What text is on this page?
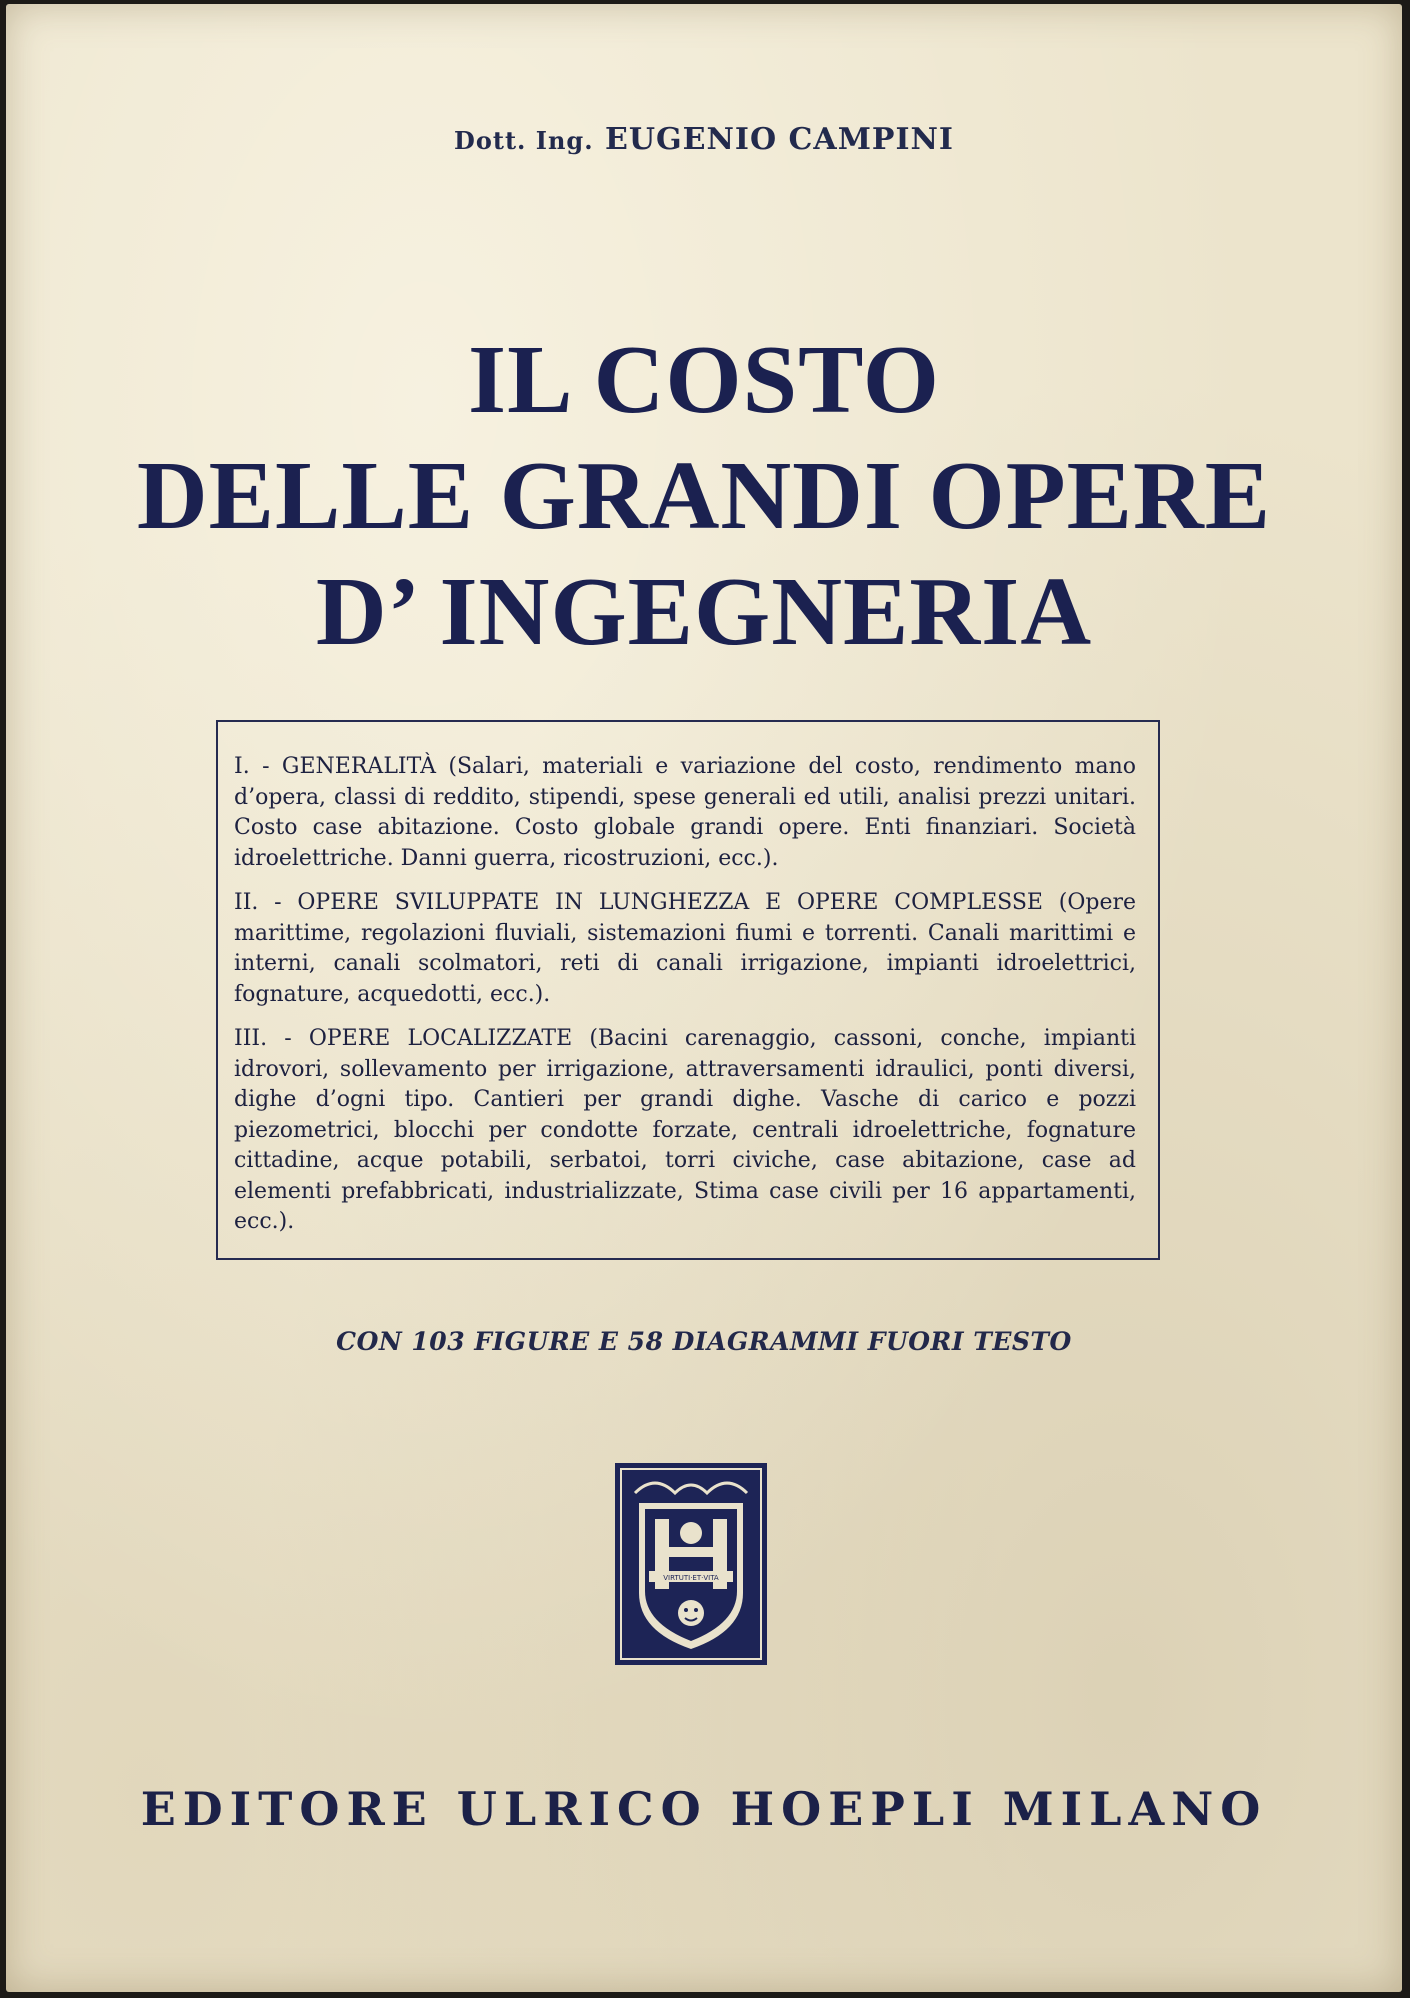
Dott. Ing. EUGENIO CAMPINI
IL COSTO
DELLE GRANDI OPERE
D’ INGEGNERIA

I. - GENERALITÀ (Salari, materiali e variazione del costo, rendimento mano d’opera, classi di reddito, stipendi, spese generali ed utili, analisi prezzi unitari. Costo case abitazione. Costo globale grandi opere. Enti finanziari. Società idroelettriche. Danni guerra, ricostruzioni, ecc.).

II. - OPERE SVILUPPATE IN LUNGHEZZA E OPERE COMPLESSE (Opere marittime, regolazioni fluviali, sistemazioni fiumi e torrenti. Canali marittimi e interni, canali scolmatori, reti di canali irrigazione, impianti idroelettrici, fognature, acquedotti, ecc.).

III. - OPERE LOCALIZZATE (Bacini carenaggio, cassoni, conche, impianti idrovori, sollevamento per irrigazione, attraversamenti idraulici, ponti diversi, dighe d’ogni tipo. Cantieri per grandi dighe. Vasche di carico e pozzi piezometrici, blocchi per condotte forzate, centrali idroelettriche, fognature cittadine, acque potabili, serbatoi, torri civiche, case abitazione, case ad elementi prefabbricati, industrializzate, Stima case civili per 16 appartamenti, ecc.).

CON 103 FIGURE E 58 DIAGRAMMI FUORI TESTO
VIRTUTI·ET·VITA
EDITORE ULRICO HOEPLI MILANO
